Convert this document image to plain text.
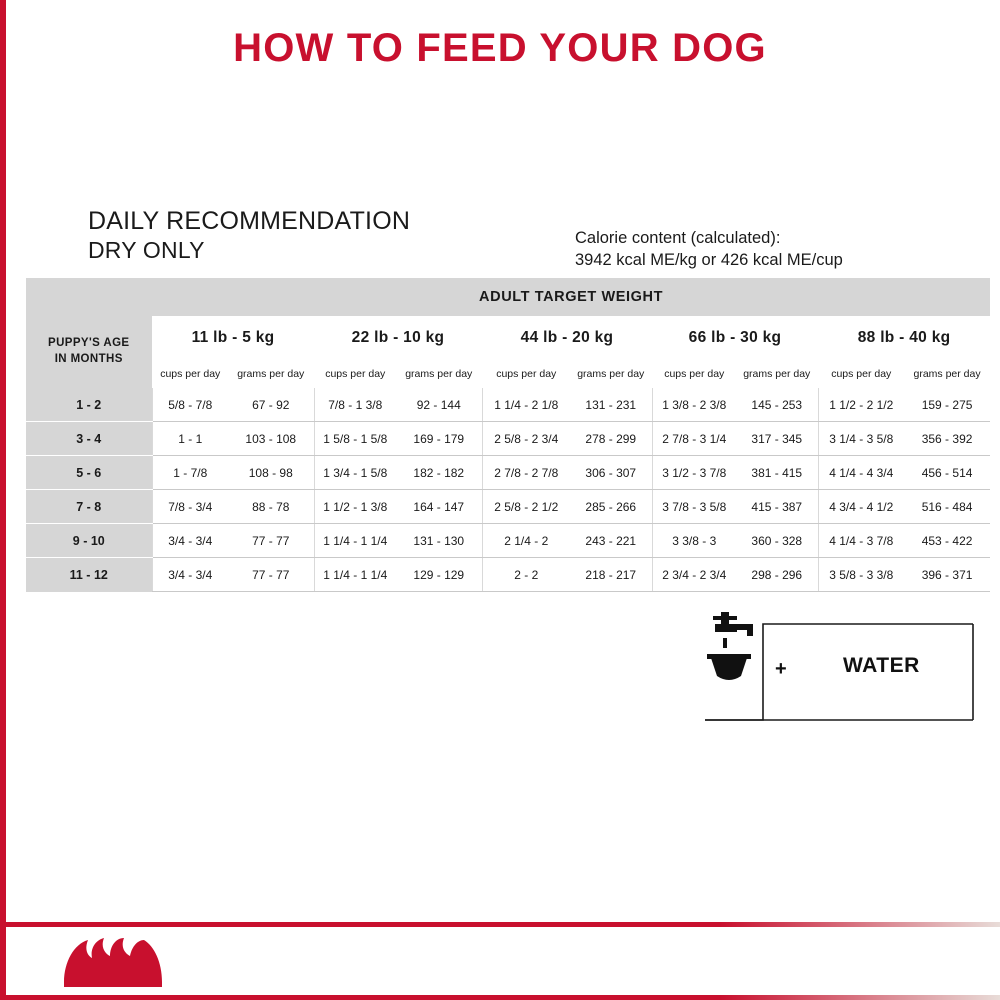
HOW TO FEED YOUR DOG
DAILY RECOMMENDATION
DRY ONLY	Calorie content (calculated):
3942 kcal ME/kg or 426 kcal ME/cup
	ADULT TARGET WEIGHT									

PUPPY'S AGE
IN MONTHS	11 lb - 5 kg		22 lb - 10 kg		44 lb - 20 kg		66 lb - 30 kg		88 lb - 40 kg	
	cups per day	grams per day	cups per day	grams per day	cups per day	grams per day	cups per day	grams per day	cups per day	grams per day
1 - 2	5/8 - 7/8	67 - 92	7/8 - 1 3/8	92 - 144	1 1/4 - 2 1/8	131 - 231	1 3/8 - 2 3/8	145 - 253	1 1/2 - 2 1/2	159 - 275
3 - 4	1 - 1	103 - 108	1 5/8 - 1 5/8	169 - 179	2 5/8 - 2 3/4	278 - 299	2 7/8 - 3 1/4	317 - 345	3 1/4 - 3 5/8	356 - 392
5 - 6	1 - 7/8	108 - 98	1 3/4 - 1 5/8	182 - 182	2 7/8 - 2 7/8	306 - 307	3 1/2 - 3 7/8	381 - 415	4 1/4 - 4 3/4	456 - 514
7 - 8	7/8 - 3/4	88 - 78	1 1/2 - 1 3/8	164 - 147	2 5/8 - 2 1/2	285 - 266	3 7/8 - 3 5/8	415 - 387	4 3/4 - 4 1/2	516 - 484
9 - 10	3/4 - 3/4	77 - 77	1 1/4 - 1 1/4	131 - 130	2 1/4 - 2	243 - 221	3 3/8 - 3	360 - 328	4 1/4 - 3 7/8	453 - 422
11 - 12	3/4 - 3/4	77 - 77	1 1/4 - 1 1/4	129 - 129	2 - 2	218 - 217	2 3/4 - 2 3/4	298 - 296	3 5/8 - 3 3/8	396 - 371
+	WATER
